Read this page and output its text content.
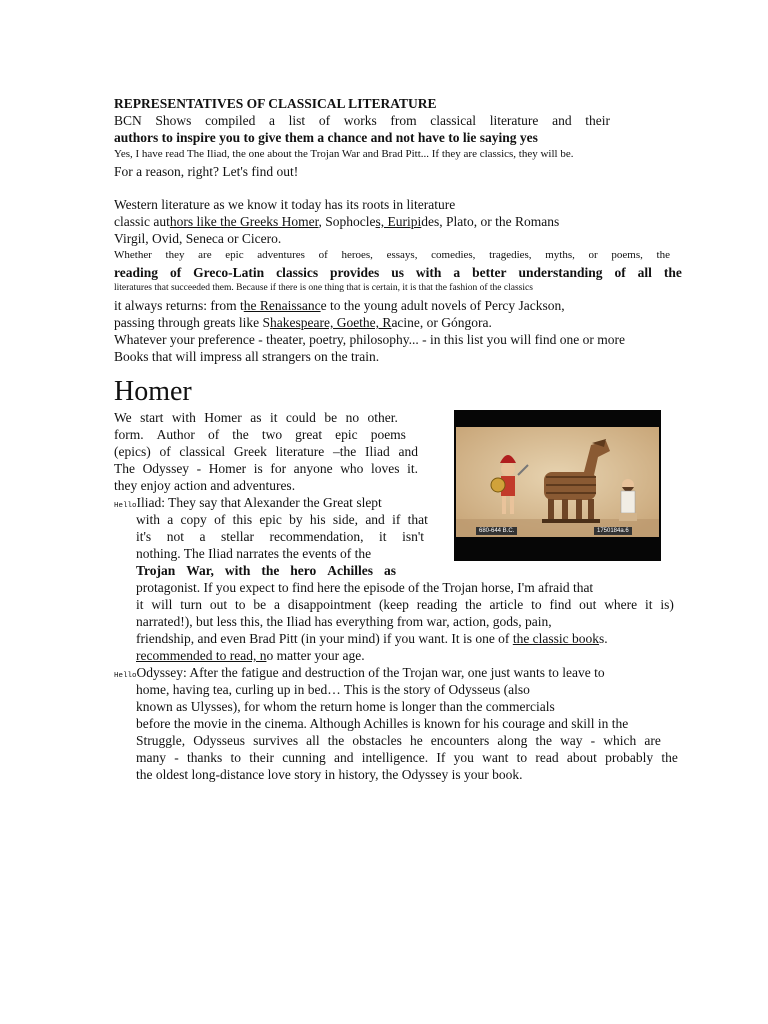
REPRESENTATIVES OF CLASSICAL LITERATURE
BCN Shows compiled a list of works from classical literature and their
authors to inspire you to give them a chance and not have to lie saying yes
Yes, I have read The Iliad, the one about the Trojan War and Brad Pitt... If they are classics, they will be.
For a reason, right? Let's find out!
Western literature as we know it today has its roots in literature
classic authors like the Greeks Homer, Sophocles, Euripides, Plato, or the Romans
Virgil, Ovid, Seneca or Cicero.
Whether they are epic adventures of heroes, essays, comedies, tragedies, myths, or poems, the
reading of Greco-Latin classics provides us with a better understanding of all the
literatures that succeeded them. Because if there is one thing that is certain, it is that the fashion of the classics
it always returns: from the Renaissance to the young adult novels of Percy Jackson,
passing through greats like Shakespeare, Goethe, Racine, or Góngora.
Whatever your preference - theater, poetry, philosophy... - in this list you will find one or more
Books that will impress all strangers on the train.
Homer
We start with Homer as it could be no other.
form. Author of the two great epic poems
(epics) of classical Greek literature –the Iliad and
The Odyssey - Homer is for anyone who loves it.
they enjoy action and adventures.
HelloIliad: They say that Alexander the Great slept
with a copy of this epic by his side, and if that
it's not a stellar recommendation, it isn't
nothing. The Iliad narrates the events of the
Trojan War, with the hero Achilles as
protagonist. If you expect to find here the episode of the Trojan horse, I'm afraid that
it will turn out to be a disappointment (keep reading the article to find out where it is)
narrated!), but less this, the Iliad has everything from war, action, gods, pain,
friendship, and even Brad Pitt (in your mind) if you want. It is one of the classic books.
recommended to read, no matter your age.
HelloOdyssey: After the fatigue and destruction of the Trojan war, one just wants to leave to
home, having tea, curling up in bed… This is the story of Odysseus (also
known as Ulysses), for whom the return home is longer than the commercials
before the movie in the cinema. Although Achilles is known for his courage and skill in the
Struggle, Odysseus survives all the obstacles he encounters along the way - which are
many - thanks to their cunning and intelligence. If you want to read about probably the
the oldest long-distance love story in history, the Odyssey is your book.
680-644 B.C.	1750184a.6
